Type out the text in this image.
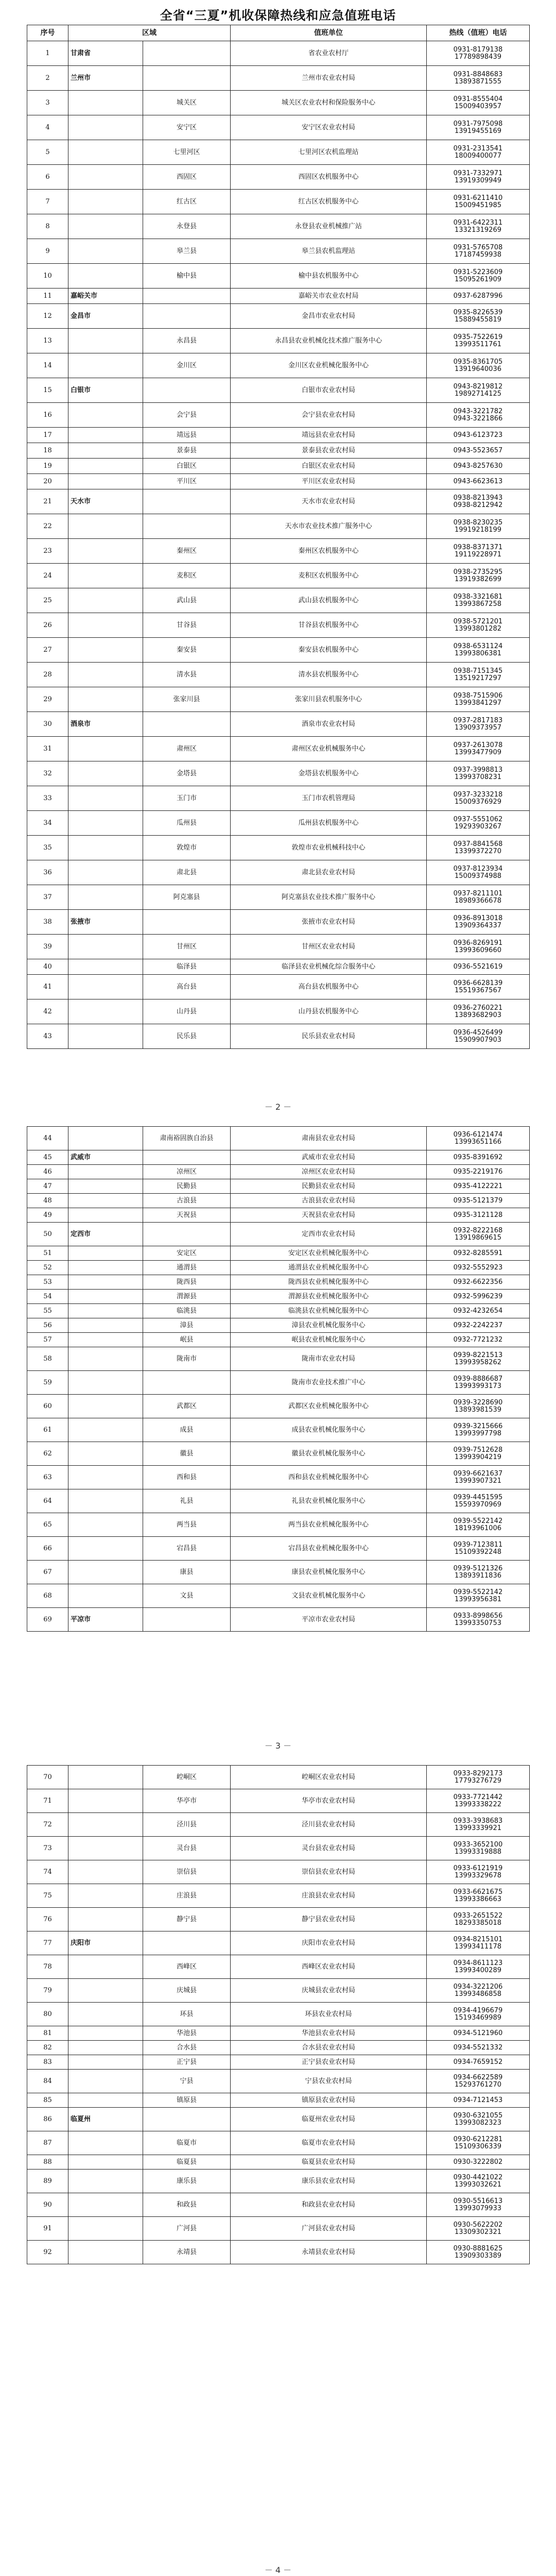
全省“三夏”机收保障热线和应急值班电话
序号	区域		值班单位	热线（值班）电话
1	甘肃省		省农业农村厅	0931-8179138
17789898439

2	兰州市		兰州市农业农村局	0931-8848683
13893871555

3		城关区	城关区农业农村和保险服务中心	0931-8555404
15009403957

4		安宁区	安宁区农业农村局	0931-7975098
13919455169

5		七里河区	七里河区农机监理站	0931-2313541
18009400077

6		西固区	西固区农机服务中心	0931-7332971
13919309949

7		红古区	红古区农机服务中心	0931-6211410
15009451985

8		永登县	永登县农业机械推广站	0931-6422311
13321319269

9		皋兰县	皋兰县农机监理站	0931-5765708
17187459938

10		榆中县	榆中县农机服务中心	0931-5223609
15095261909

11	嘉峪关市		嘉峪关市农业农村局	0937-6287996

12	金昌市		金昌市农业农村局	0935-8226539
15889455819

13		永昌县	永昌县农业机械化技术推广服务中心	0935-7522619
13993511761

14		金川区	金川区农业机械化服务中心	0935-8361705
13919640036

15	白银市		白银市农业农村局	0943-8219812
19892714125

16		会宁县	会宁县农业农村局	0943-3221782
0943-3221866

17		靖远县	靖远县农业农村局	0943-6123723

18		景泰县	景泰县农业农村局	0943-5523657

19		白银区	白银区农业农村局	0943-8257630

20		平川区	平川区农业农村局	0943-6623613

21	天水市		天水市农业农村局	0938-8213943
0938-8212942

22			天水市农业技术推广服务中心	0938-8230235
19919218199

23		秦州区	秦州区农机服务中心	0938-8371371
19119228971

24		麦积区	麦积区农机服务中心	0938-2735295
13919382699

25		武山县	武山县农机服务中心	0938-3321681
13993867258

26		甘谷县	甘谷县农机服务中心	0938-5721201
13993801282

27		秦安县	秦安县农机服务中心	0938-6531124
13993806381

28		清水县	清水县农机服务中心	0938-7151345
13519217297

29		张家川县	张家川县农机服务中心	0938-7515906
13993841297

30	酒泉市		酒泉市农业农村局	0937-2817183
13909373957

31		肃州区	肃州区农业机械服务中心	0937-2613078
13993477909

32		金塔县	金塔县农机服务中心	0937-3998813
13993708231

33		玉门市	玉门市农机管理局	0937-3233218
15009376929

34		瓜州县	瓜州县农机服务中心	0937-5551062
19293903267

35		敦煌市	敦煌市农业机械科技中心	0937-8841568
13399372270

36		肃北县	肃北县农业农村局	0937-8123934
15009374988

37		阿克塞县	阿克塞县农业技术推广服务中心	0937-8211101
18989366678

38	张掖市		张掖市农业农村局	0936-8913018
13909364337

39		甘州区	甘州区农业农村局	0936-8269191
13993609660

40		临泽县	临泽县农业机械化综合服务中心	0936-5521619

41		高台县	高台县农机服务中心	0936-6628139
15519367567

42		山丹县	山丹县农机服务中心	0936-2760221
13893682903

43		民乐县	民乐县农业农村局	0936-4526499
15909907903
－ 2 －
44		肃南裕固族自治县	肃南县农业农村局	0936-6121474
13993651166

45	武威市		武威市农业农村局	0935-8391692

46		凉州区	凉州区农业农村局	0935-2219176

47		民勤县	民勤县农业农村局	0935-4122221

48		古浪县	古浪县农业农村局	0935-5121379

49		天祝县	天祝县农业农村局	0935-3121128

50	定西市		定西市农业农村局	0932-8222168
13919869615

51		安定区	安定区农业机械化服务中心	0932-8285591

52		通渭县	通渭县农业机械化服务中心	0932-5552923

53		陇西县	陇西县农业机械化服务中心	0932-6622356

54		渭源县	渭源县农业机械化服务中心	0932-5996239

55		临洮县	临洮县农业机械化服务中心	0932-4232654

56		漳县	漳县农业机械化服务中心	0932-2242237

57		岷县	岷县农业机械化服务中心	0932-7721232

58		陇南市	陇南市农业农村局	0939-8221513
13993958262

59			陇南市农业技术推广中心	0939-8886687
13993993173

60		武都区	武都区农业机械化服务中心	0939-3228690
13893981539

61		成县	成县农业机械化服务中心	0939-3215666
13993997798

62		徽县	徽县农业机械化服务中心	0939-7512628
13993904219

63		西和县	西和县农业机械化服务中心	0939-6621637
13993907321

64		礼县	礼县农业机械化服务中心	0939-4451595
15593970969

65		两当县	两当县农业机械化服务中心	0939-5522142
18193961006

66		宕昌县	宕昌县农业机械化服务中心	0939-7123811
15109392248

67		康县	康县农业机械化服务中心	0939-5121326
13893911836

68		文县	文县农业机械化服务中心	0939-5522142
13993956381

69	平凉市		平凉市农业农村局	0933-8998656
13993350753
－ 3 －
70		崆峒区	崆峒区农业农村局	0933-8292173
17793276729

71		华亭市	华亭市农业农村局	0933-7721442
13993338222

72		泾川县	泾川县农业农村局	0933-3938683
13993339921

73		灵台县	灵台县农业农村局	0933-3652100
13993319888

74		崇信县	崇信县农业农村局	0933-6121919
13993329678

75		庄浪县	庄浪县农业农村局	0933-6621675
13993386663

76		静宁县	静宁县农业农村局	0933-2651522
18293385018

77	庆阳市		庆阳市农业农村局	0934-8215101
13993411178

78		西峰区	西峰区农业农村局	0934-8611123
13993400289

79		庆城县	庆城县农业农村局	0934-3221206
13993486858

80		环县	环县农业农村局	0934-4196679
15193469989

81		华池县	华池县农业农村局	0934-5121960

82		合水县	合水县农业农村局	0934-5521332

83		正宁县	正宁县农业农村局	0934-7659152

84		宁县	宁县农业农村局	0934-6622589
15293761270

85		镇原县	镇原县农业农村局	0934-7121453

86	临夏州		临夏州农业农村局	0930-6321055
13993082323

87		临夏市	临夏市农业农村局	0930-6212281
15109306339

88		临夏县	临夏县农业农村局	0930-3222802

89		康乐县	康乐县农业农村局	0930-4421022
13993032621

90		和政县	和政县农业农村局	0930-5516613
13993079933

91		广河县	广河县农业农村局	0930-5622202
13309302321

92		永靖县	永靖县农业农村局	0930-8881625
13909303389
－ 4 －
